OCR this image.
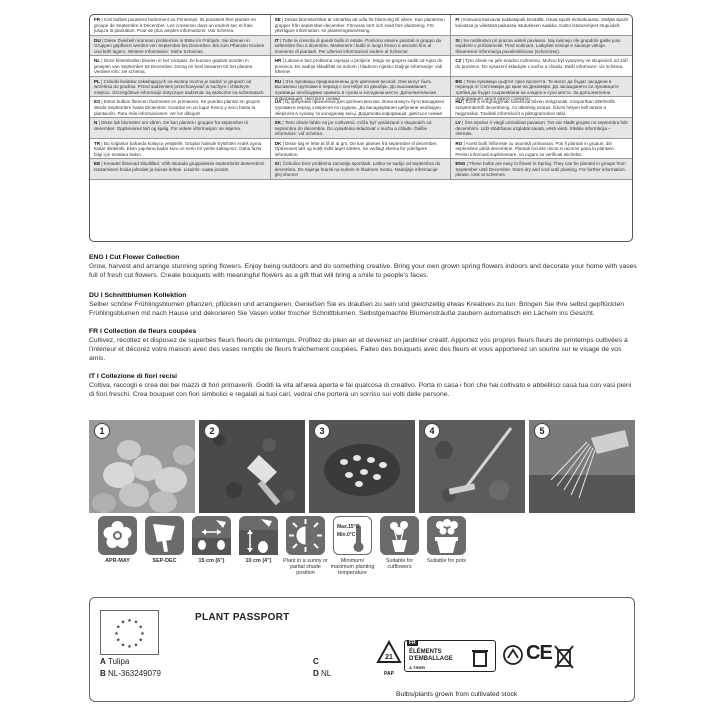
FR | Ces bulbes poussent facilement au Printemps. Ils poussent être plantés en groupe de Septembre à Décembre. Les conserver dans un endroit sec et frais jusqu'à la plantation. Pour de plus amples informations: Voir schéma.
SE | Dessa blomsterlökar är utmärkta att odla för blomning till våren. Kan planteras i grupper från september-december. Förvaras torrt och svalt före plantering. För ytterligare information: se planteringsanvisning.
FI | Kasvaria kasvavat kukkasipulit keväällä. Istuta sipulit eloluokuussa. Säilytä sipulit kuivassa ja viileässä paikassa istutukseen saakka. Katso istutusohjeet etupuolelt.
DU | Diese Zwiebeln kommen problemlos in Blüte im Frühjahr. Sie können in Gruppen gepflanzt werden von September bis Dezember. Bis zum Pflanzen trocken und kühl lagern. Weitere Information: Siehe Schemas.
IT | Tutte la crescita di questi bulbi in estate. Possono essere piantati in gruppo da settembre fino a dicembre. Mantenere i bulbi in luogo fresco e asciutto fino al momento di piantarli. Per ulteriori informazioni vedere al Schema!
SI | Se rastlinstvo pri prazna aniteli paviwani. Naj rasinejo rile grupdrilo galite jusu sopdenti v pričidarnosti. Pred sodinant. Laikykite vėsioje ir sausoje vietoje. Išsamesnė informacija paveikslėliuose (schemose).
NL | Deze bloembollen bloeien in het voorjaar. Ze kunnen geplant worden in groepen van September tot December. Droog en koel bewaren tot het planten. Verdere info: zie schema.
HR | Lukovice bez problema cvjetaju u proljeće. Mogu se grupno saditi od rujna do prosinca. Do sadnje skladištiti na suhom i hladnom mjestu. Daljnje informacije: vidi Sheme!
CZ | Tyto cibule na jaře snadno rozkvetou. Mohou být vysazeny ve skupinách od září do prosince. Do vysazení skladujte v suchu a chladu. Další informace: viz schéma.
PL | Cebulki kwiatów zakwitających na wiosnę można je sadzić w grupach od września do grudnia. Przed sadzeniem przechowywać w suchym i chłodnym miejscu. Szczegółowe informacje dotyczące sadzenia: są widoczne na schematach.
RU | Эти луковицы предназначены для цветения весной. Они могут быть высажены группами в период с сентября по декабрь. До высаживания луковицы необходимо хранить в сухом и холодном месте. Дополнительная информация: смотрите схемы!
BG | Тези луковици цъфтят през пролетта. Те могат да бъдат засадени в периода от Септември до края на Декември. До засаждането си луковиците трябва да бъдат съхранявани на хладно и сухо място. За допълнителна информация, моля вижте схемата!
ES | Estos bulbos florecen fácilmente en primavera. Se pueden plantar en grupos desde Septiembre hasta Diciembre. Guardar en un lugar fresco y seco hasta la plantación. Para más informaciones: ver los dibujos!
UA | Ці цибулини призначені для цвітіння весною. Вони можуть бути висаджені групами в період з вересня по грудень. До висаджування цибулини необхідно зберігати в сухому та холодному місці. Додаткова інформація: дивіться схеми!
HU | Ezek a virághagymák tavasszal bőven virágzanak. Csoportban ültethetők szeptembertől decemberig. Az ültetésig száraz, hűvös helyen kell tartani a hagymákat. További információt a piktogramokon talál.
N | Disse løk blomstrer om våren. De kan plantes i grupper fra september til desember. Oppbevares tørt og kjølig. For videre informasjon: se skjema.
SK | Tieto cibule ľahko na jar rozkvetnú. môžu byť vysádzané v skupinách od septembra do decembra. Do vysadenia skladovať v suchu a chlade. Ďalšie informácie: viď schéma.
LV | Šos sīpolus ir viegli uzziedinat pavasarī. Tos var stādīt grupās no septembra līdz decembrim. Līdz stādīšanai uzglabāt sausā, vēsā vietā. Sīkāka informācija – shēmās.
TR | Bu soğanlar baharda kolayca yetiştirilir. Gruplar halinde Eylül'den Aralık ayına kadar dikilebilir. Ekim yapılana kadar kuru ve serin bir yerde saklayınız. Daha fazla bilgi için emalara bakın.
DK | Disse løg er lette at få til at gro. De kan plantes fra september til december. Opbevares tørt og koldt indtil løget sættes. Se vedlagt skema for yderligere information.
RO | Acest bulb înflorește cu ușurință primavara. Poti fi plantati in grupuri, din septembrie până decembrie. Plantati locurile uscat si racoros pana la plantare. Pentru informatii suplimentare, va rugam sa verificati etichetta.
EE | Kevadel õitsevad sibullilled. Võib istutada gruppidesse septembrist detsembrini. Istutamiseni hoida jahedas ja kuivas kohas. Lisainfo: vaata joonist.
SI | Čebulice brez problema zacvetijo spomladi. Lahko se sadijo od septembra do decembra. Do sajenja hraniti na suhem in hladnem mestu. Nadaljnje informacije: glej sheme!
ENG | These bulbs are easy to flower in Spring. They can be planted in groups from September until December. Store dry and cool until planting. For further information: please, look at schemes.
ENG I Cut Flower Collection

Grow, harvest and arrange stunning spring flowers. Enjoy being outdoors and do something creative. Bring your own grown spring flowers indoors and decorate your home with vases full of fresh cut flowers. Create bouquets with meaningful flowers as a gift that will bring a smile to people's faces.

DU I Schnittblumen Kollektion

Selber schöne Frühlingsblumen pflanzen, pflücken und arrangieren. Genießen Sie es draußen zu sein und gleichzeitig etwas Kreatives zu tun. Bringen Sie Ihre selbst gepflückten Frühlingsblumen mit nach Hause und dekorieren Sie Vasen voller frischer Schnittblumen. Selbstgemachte Blumensträuße zaubern automatisch ein Lächeln ins Gesicht.

FR I Collection de fleurs coupées

Cultivez, récoltez et disposez de superbes fleurs fleurs de printemps. Profitez du plein air et devenez un jardinier créatif. Apportez vos propres fleurs fleurs de printemps cultivées à l'intérieur et décorez votre maison avec des vases remplis de fleurs fraîchement coupées. Faites des bouquets avec des fleurs et vous apporterez un sourire sur le visage de vos amis.

IT I Collezione di fiori recisi

Coltiva, raccogli e crea dei bei mazzi di fiori primaverili. Goditi la vita all'area aperta e fai qualcosa di creativo. Porta in casa i fiori che hai coltivato e abbellisci casa tua con vasi pieni di fiori freschi. Crea bouquet con fiori simbolici e regalali ai tuoi cari, vedrai che porterà un sorriso sui volti delle persone.

1	2	3	4	5
APR-MAY	SEP-DEC	15 cm (6")	10 cm (4")	Plant in a sunny or partial shade position
Max.15°C
Min.0°C
Minimum/ maximum planting temperature
Suitable for cutflowers
Suitable for pots
★
★
★
★
★
★
★
★
★ ★ ★
★
PLANT PASSPORT
A Tulipa
B NL-363249079
C
D NL
21
PAP
FR
ÉLÉMENTS D'EMBALLAGE
À TRIER
CE
Bulbs/plants grown from cultivated stock
